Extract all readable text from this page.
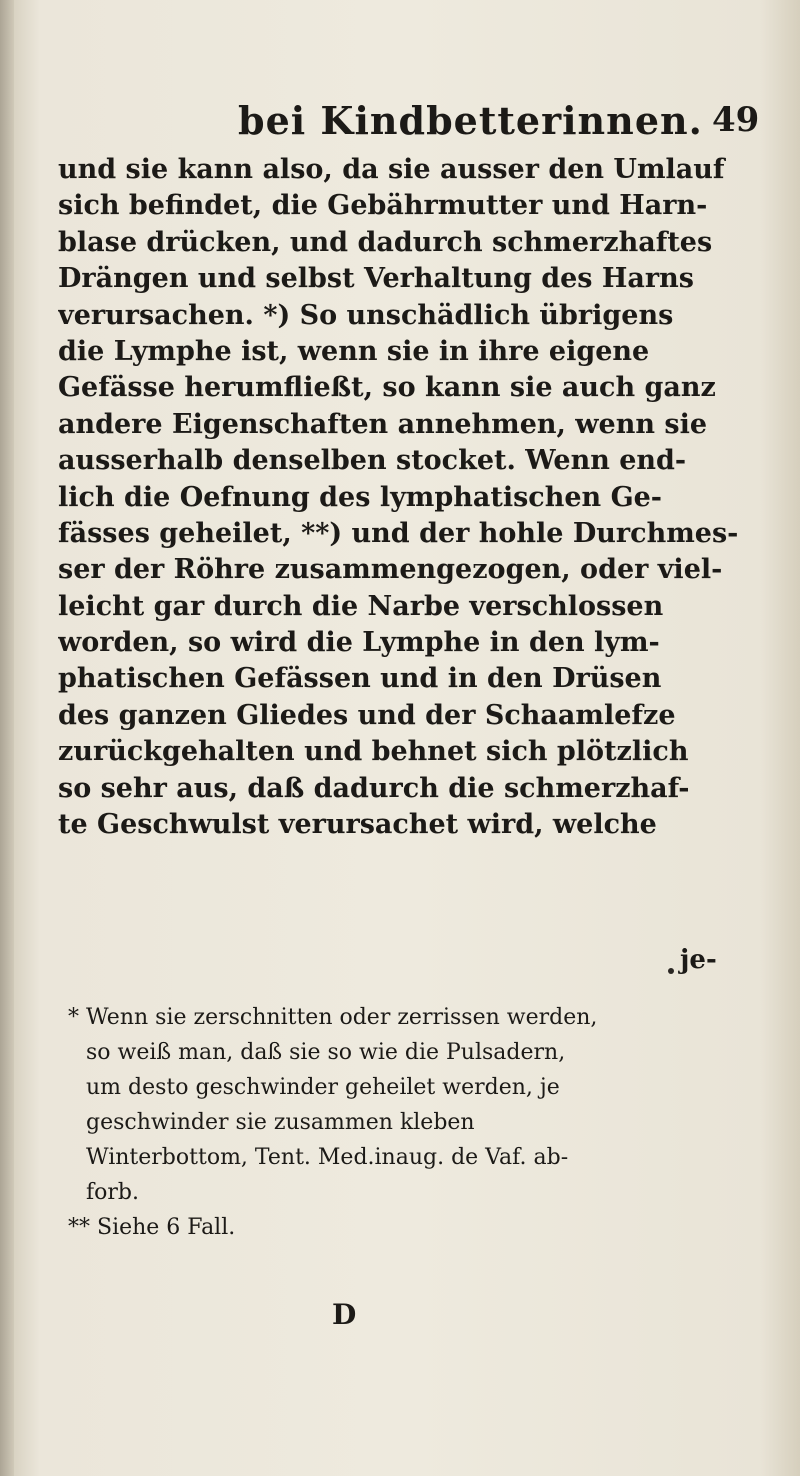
bei Kindbetterinnen. 49
und sie kann also, da sie ausser den Umlauf
sich befindet, die Gebährmutter und Harn-
blase drücken, und dadurch schmerzhaftes
Drängen und selbst Verhaltung des Harns
verursachen. *) So unschädlich übrigens
die Lymphe ist, wenn sie in ihre eigene
Gefässe herumfließt, so kann sie auch ganz
andere Eigenschaften annehmen, wenn sie
ausserhalb denselben stocket. Wenn end-
lich die Oefnung des lymphatischen Ge-
fässes geheilet, **) und der hohle Durchmes-
ser der Röhre zusammengezogen, oder viel-
leicht gar durch die Narbe verschlossen
worden, so wird die Lymphe in den lym-
phatischen Gefässen und in den Drüsen
des ganzen Gliedes und der Schaamlefze
zurückgehalten und behnet sich plötzlich
so sehr aus, daß dadurch die schmerzhaf-
te Geschwulst verursachet wird, welche
je-
* Wenn sie zerschnitten oder zerrissen werden,
so weiß man, daß sie so wie die Pulsadern,
um desto geschwinder geheilet werden, je
geschwinder sie zusammen kleben
Winterbottom, Tent. Med.inaug. de Vaf. ab-
forb.
** Siehe 6 Fall.
D
